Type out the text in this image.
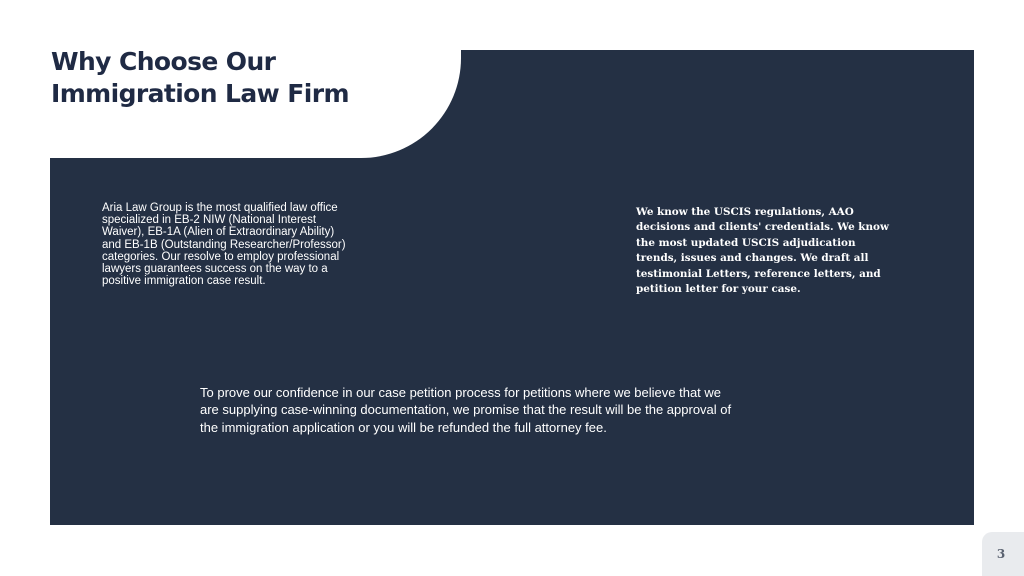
Why Choose Our
Immigration Law Firm

Aria Law Group is the most qualified law office specialized in EB-2 NIW (National Interest Waiver), EB-1A (Alien of Extraordinary Ability) and EB-1B (Outstanding Researcher/Professor) categories. Our resolve to employ professional lawyers guarantees success on the way to a positive immigration case result.

We know the USCIS regulations, AAO decisions and clients' credentials. We know the most updated USCIS adjudication trends, issues and changes. We draft all testimonial Letters, reference letters, and petition letter for your case.

To prove our confidence in our case petition process for petitions where we believe that we are supplying case-winning documentation, we promise that the result will be the approval of the immigration application or you will be refunded the full attorney fee.

3
